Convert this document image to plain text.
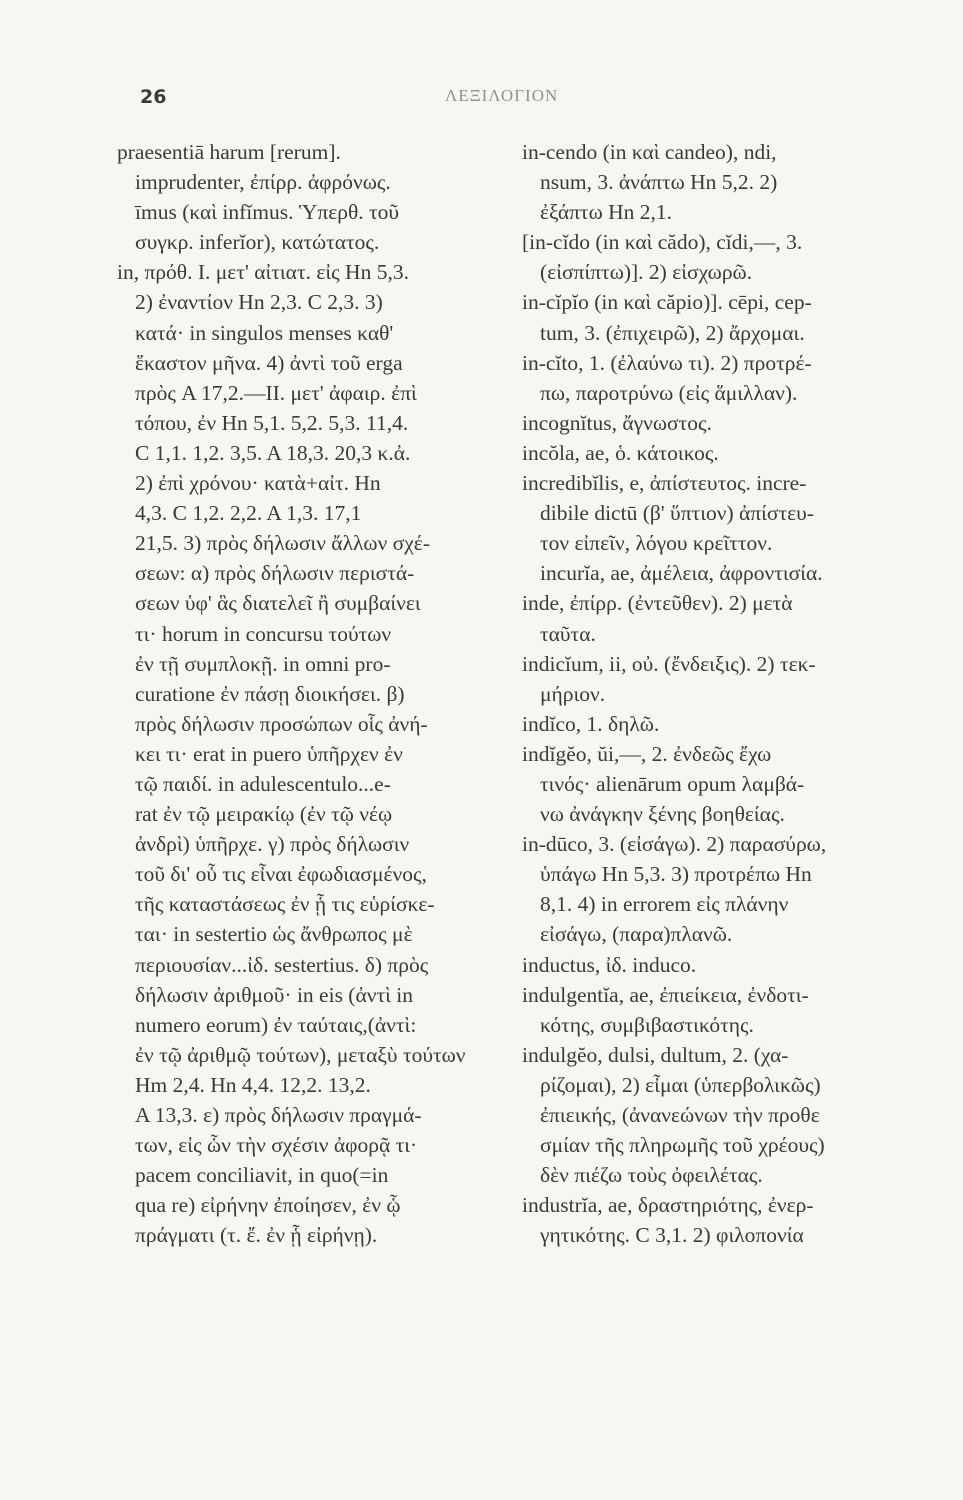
26	ΛΕΞΙΛΟΓΙΟΝ
praesentiā harum [rerum].
imprudenter, ἐπίρρ. ἀφρόνως.
īmus (καὶ infĭmus. Ὑπερθ. τοῦ
συγκρ. inferĭor), κατώτατος.
in, πρόθ. I. μετ' αἰτιατ. εἰς Hn 5,3.
2) ἐναντίον Hn 2,3. C 2,3. 3)
κατά· in singulos menses καθ'
ἕκαστον μῆνα. 4) ἀντὶ τοῦ erga
πρὸς A 17,2.—II. μετ' ἀφαιρ. ἐπὶ
τόπου, ἐν Hn 5,1. 5,2. 5,3. 11,4.
C 1,1. 1,2. 3,5. A 18,3. 20,3 κ.ἀ.
2) ἐπὶ χρόνου· κατὰ+αἰτ. Hn
4,3. C 1,2. 2,2. A 1,3. 17,1
21,5. 3) πρὸς δήλωσιν ἄλλων σχέ-
σεων: α) πρὸς δήλωσιν περιστά-
σεων ὑφ' ἃς διατελεῖ ἢ συμβαίνει
τι· horum in concursu τούτων
ἐν τῇ συμπλοκῇ. in omni pro-
curatione ἐν πάσῃ διοικήσει. β)
πρὸς δήλωσιν προσώπων οἷς ἀνή-
κει τι· erat in puero ὑπῆρχεν ἐν
τῷ παιδί. in adulescentulo...e-
rat ἐν τῷ μειρακίῳ (ἐν τῷ νέῳ
ἀνδρὶ) ὑπῆρχε. γ) πρὸς δήλωσιν
τοῦ δι' οὗ τις εἶναι ἐφωδιασμένος,
τῆς καταστάσεως ἐν ᾗ τις εὑρίσκε-
ται· in sestertio ὡς ἄνθρωπος μὲ
περιουσίαν...ἰδ. sestertius. δ) πρὸς
δήλωσιν ἀριθμοῦ· in eis (ἀντὶ in
numero eorum) ἐν ταύταις,(ἀντὶ:
ἐν τῷ ἀριθμῷ τούτων), μεταξὺ τούτων
Hm 2,4. Hn 4,4. 12,2. 13,2.
A 13,3. ε) πρὸς δήλωσιν πραγμά-
των, εἰς ὧν τὴν σχέσιν ἀφορᾷ τι·
pacem conciliavit, in quo(=in
qua re) εἰρήνην ἐποίησεν, ἐν ᾧ
πράγματι (τ. ἔ. ἐν ᾗ εἰρήνῃ).
in-cendo (in καὶ candeo), ndi,
nsum, 3. ἀνάπτω Hn 5,2. 2)
ἐξάπτω Hn 2,1.
[in-cĭdo (in καὶ cădo), cĭdi,—, 3.
(εἰσπίπτω)]. 2) εἰσχωρῶ.
in-cĭpĭo (in καὶ căpio)]. cēpi, cep-
tum, 3. (ἐπιχειρῶ), 2) ἄρχομαι.
in-cĭto, 1. (ἐλαύνω τι). 2) προτρέ-
πω, παροτρύνω (εἰς ἅμιλλαν).
incognĭtus, ἄγνωστος.
incŏla, ae, ὁ. κάτοικος.
incredibĭlis, e, ἀπίστευτος. incre-
dibile dictū (β' ὕπτιον) ἀπίστευ-
τον εἰπεῖν, λόγου κρεῖττον.
incurĭa, ae, ἀμέλεια, ἀφροντισία.
inde, ἐπίρρ. (ἐντεῦθεν). 2) μετὰ
ταῦτα.
indicĭum, ii, οὐ. (ἔνδειξις). 2) τεκ-
μήριον.
indĭco, 1. δηλῶ.
indĭgĕo, ŭi,—, 2. ἐνδεῶς ἔχω
τινός· alienārum opum λαμβά-
νω ἀνάγκην ξένης βοηθείας.
in-dūco, 3. (εἰσάγω). 2) παρασύρω,
ὑπάγω Hn 5,3. 3) προτρέπω Hn
8,1. 4) in errorem εἰς πλάνην
εἰσάγω, (παρα)πλανῶ.
inductus, ἰδ. induco.
indulgentĭa, ae, ἐπιείκεια, ἐνδοτι-
κότης, συμβιβαστικότης.
indulgĕo, dulsi, dultum, 2. (χα-
ρίζομαι), 2) εἶμαι (ὑπερβολικῶς)
ἐπιεικής, (ἀνανεώνων τὴν προθε
σμίαν τῆς πληρωμῆς τοῦ χρέους)
δὲν πιέζω τοὺς ὀφειλέτας.
industrĭa, ae, δραστηριότης, ἐνερ-
γητικότης. C 3,1. 2) φιλοπονία
